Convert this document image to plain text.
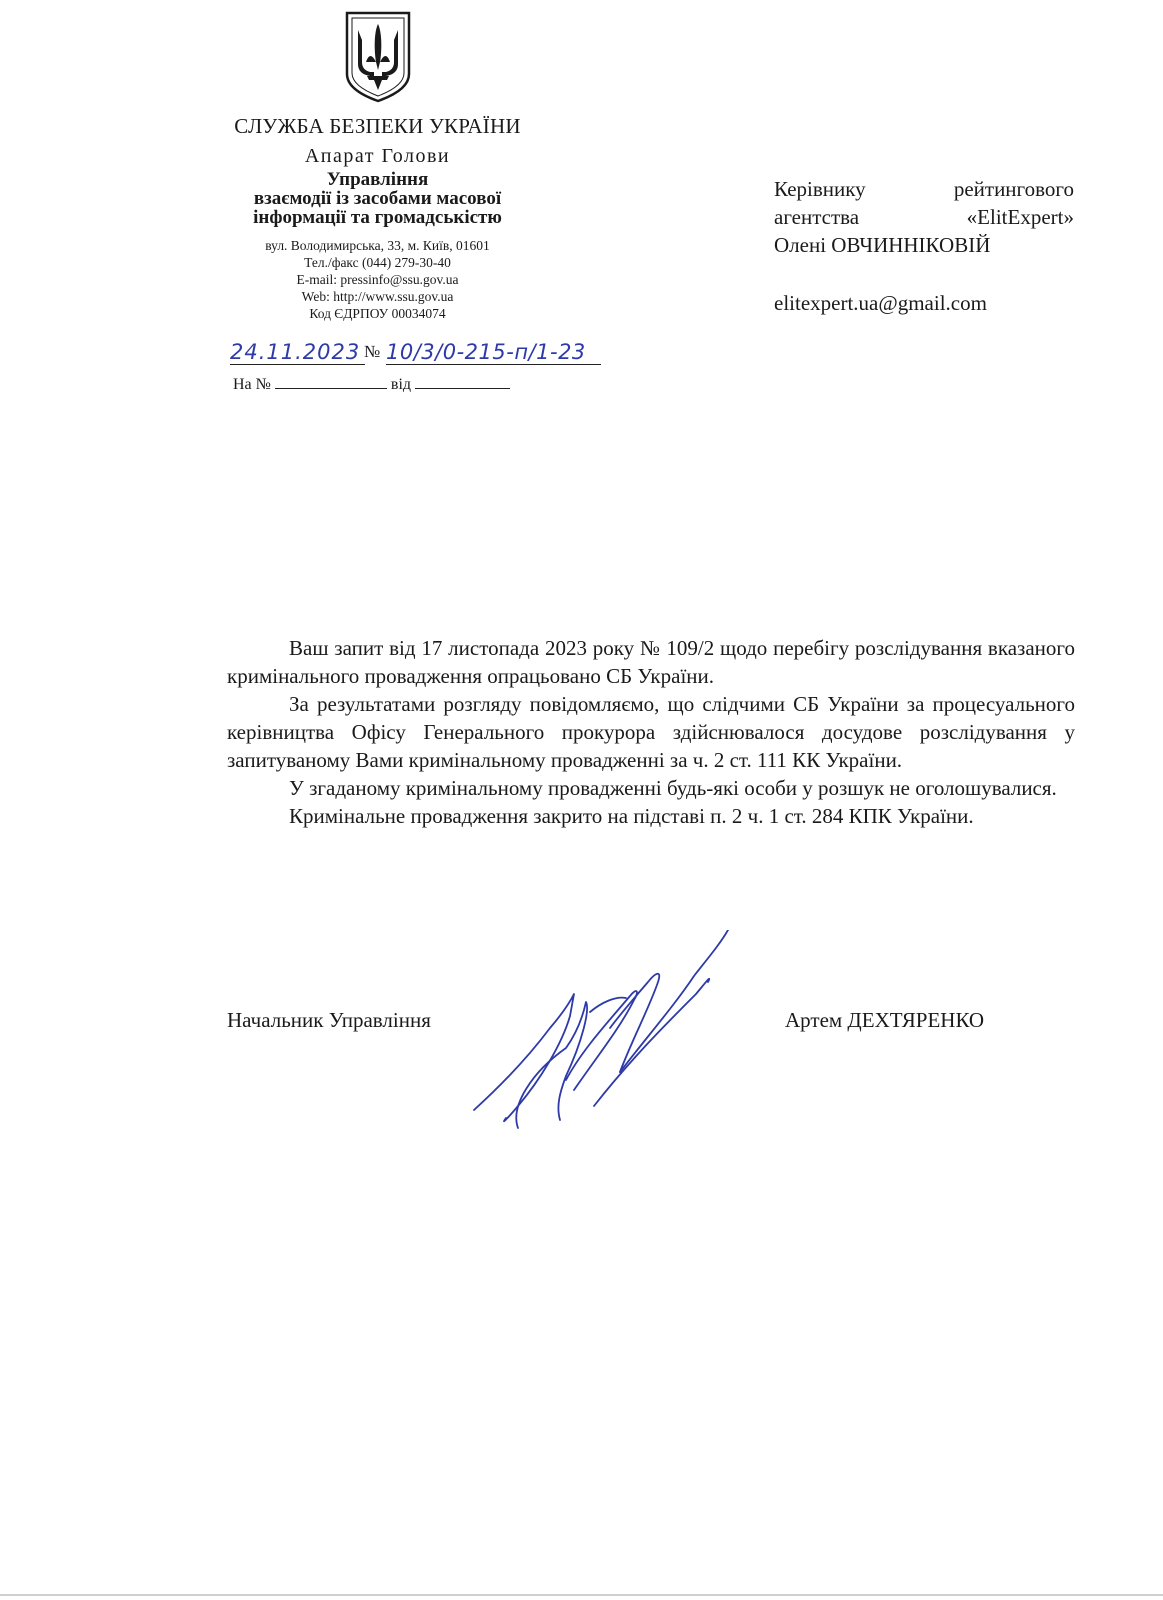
СЛУЖБА БЕЗПЕКИ УКРАЇНИ
Апарат Голови
Управління
взаємодії із засобами масової
інформації та громадськістю
вул. Володимирська, 33, м. Київ, 01601
Тел./факс (044) 279-30-40
E-mail: pressinfo@ssu.gov.ua
Web: http://www.ssu.gov.ua
Код ЄДРПОУ 00034074
24.11.2023 № 10/3/0-215-п/1-23
На №	від
Керівнику рейтингового
агентства «ElitExpert»
Олені ОВЧИННІКОВІЙ
elitexpert.ua@gmail.com

Ваш запит від 17 листопада 2023 року № 109/2 щодо перебігу розслідування вказаного кримінального провадження опрацьовано СБ України.

За результатами розгляду повідомляємо, що слідчими СБ України за процесуального керівництва Офісу Генерального прокурора здійснювалося досудове розслідування у запитуваному Вами кримінальному провадженні за ч. 2 ст. 111 КК України.

У згаданому кримінальному провадженні будь-які особи у розшук не оголошувалися.

Кримінальне провадження закрито на підставі п. 2 ч. 1 ст. 284 КПК України.

Начальник Управління	Артем ДЕХТЯРЕНКО
